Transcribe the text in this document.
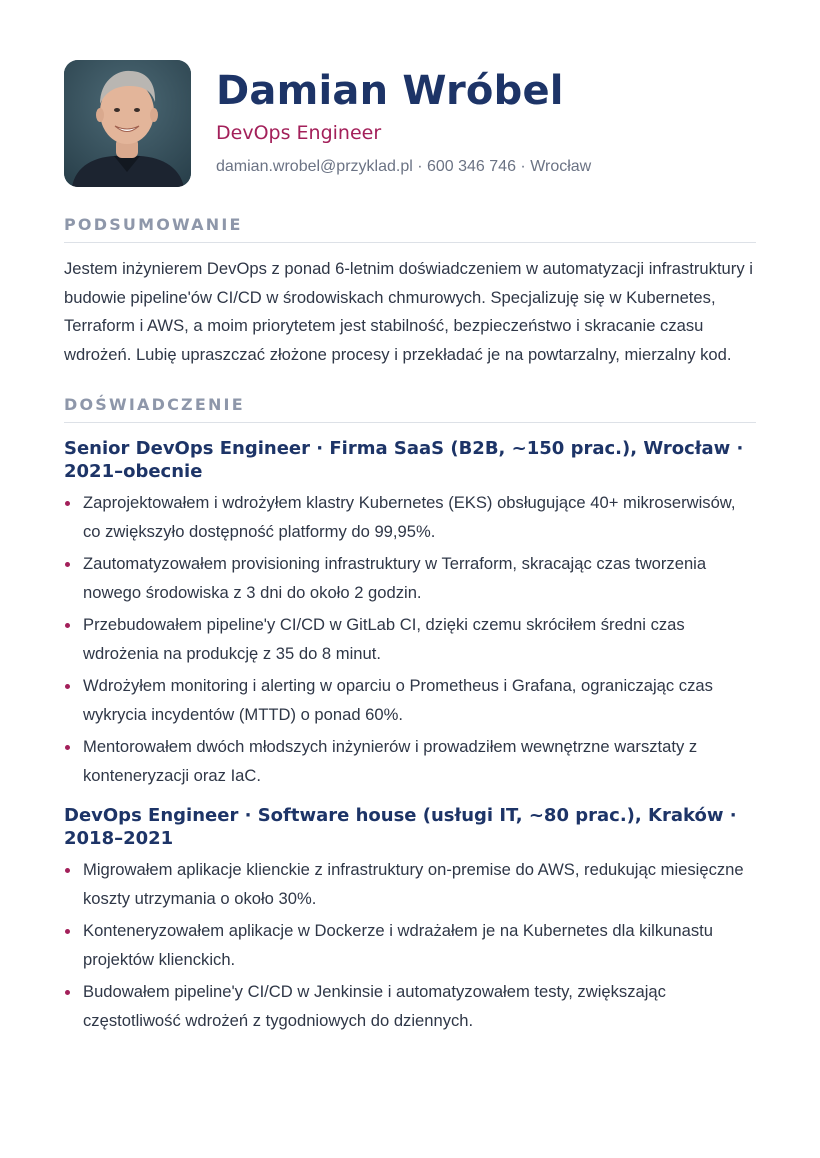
Damian Wróbel
DevOps Engineer
damian.wrobel@przyklad.pl · 600 346 746 · Wrocław
PODSUMOWANIE
Jestem inżynierem DevOps z ponad 6-letnim doświadczeniem w automatyzacji infrastruktury i budowie pipeline'ów CI/CD w środowiskach chmurowych. Specjalizuję się w Kubernetes, Terraform i AWS, a moim priorytetem jest stabilność, bezpieczeństwo i skracanie czasu wdrożeń. Lubię upraszczać złożone procesy i przekładać je na powtarzalny, mierzalny kod.
DOŚWIADCZENIE
Senior DevOps Engineer · Firma SaaS (B2B, ~150 prac.), Wrocław · 2021–obecnie
Zaprojektowałem i wdrożyłem klastry Kubernetes (EKS) obsługujące 40+ mikroserwisów, co zwiększyło dostępność platformy do 99,95%.
Zautomatyzowałem provisioning infrastruktury w Terraform, skracając czas tworzenia nowego środowiska z 3 dni do około 2 godzin.
Przebudowałem pipeline'y CI/CD w GitLab CI, dzięki czemu skróciłem średni czas wdrożenia na produkcję z 35 do 8 minut.
Wdrożyłem monitoring i alerting w oparciu o Prometheus i Grafana, ograniczając czas wykrycia incydentów (MTTD) o ponad 60%.
Mentorowałem dwóch młodszych inżynierów i prowadziłem wewnętrzne warsztaty z konteneryzacji oraz IaC.
DevOps Engineer · Software house (usługi IT, ~80 prac.), Kraków · 2018–2021
Migrowałem aplikacje klienckie z infrastruktury on-premise do AWS, redukując miesięczne koszty utrzymania o około 30%.
Konteneryzowałem aplikacje w Dockerze i wdrażałem je na Kubernetes dla kilkunastu projektów klienckich.
Budowałem pipeline'y CI/CD w Jenkinsie i automatyzowałem testy, zwiększając częstotliwość wdrożeń z tygodniowych do dziennych.
